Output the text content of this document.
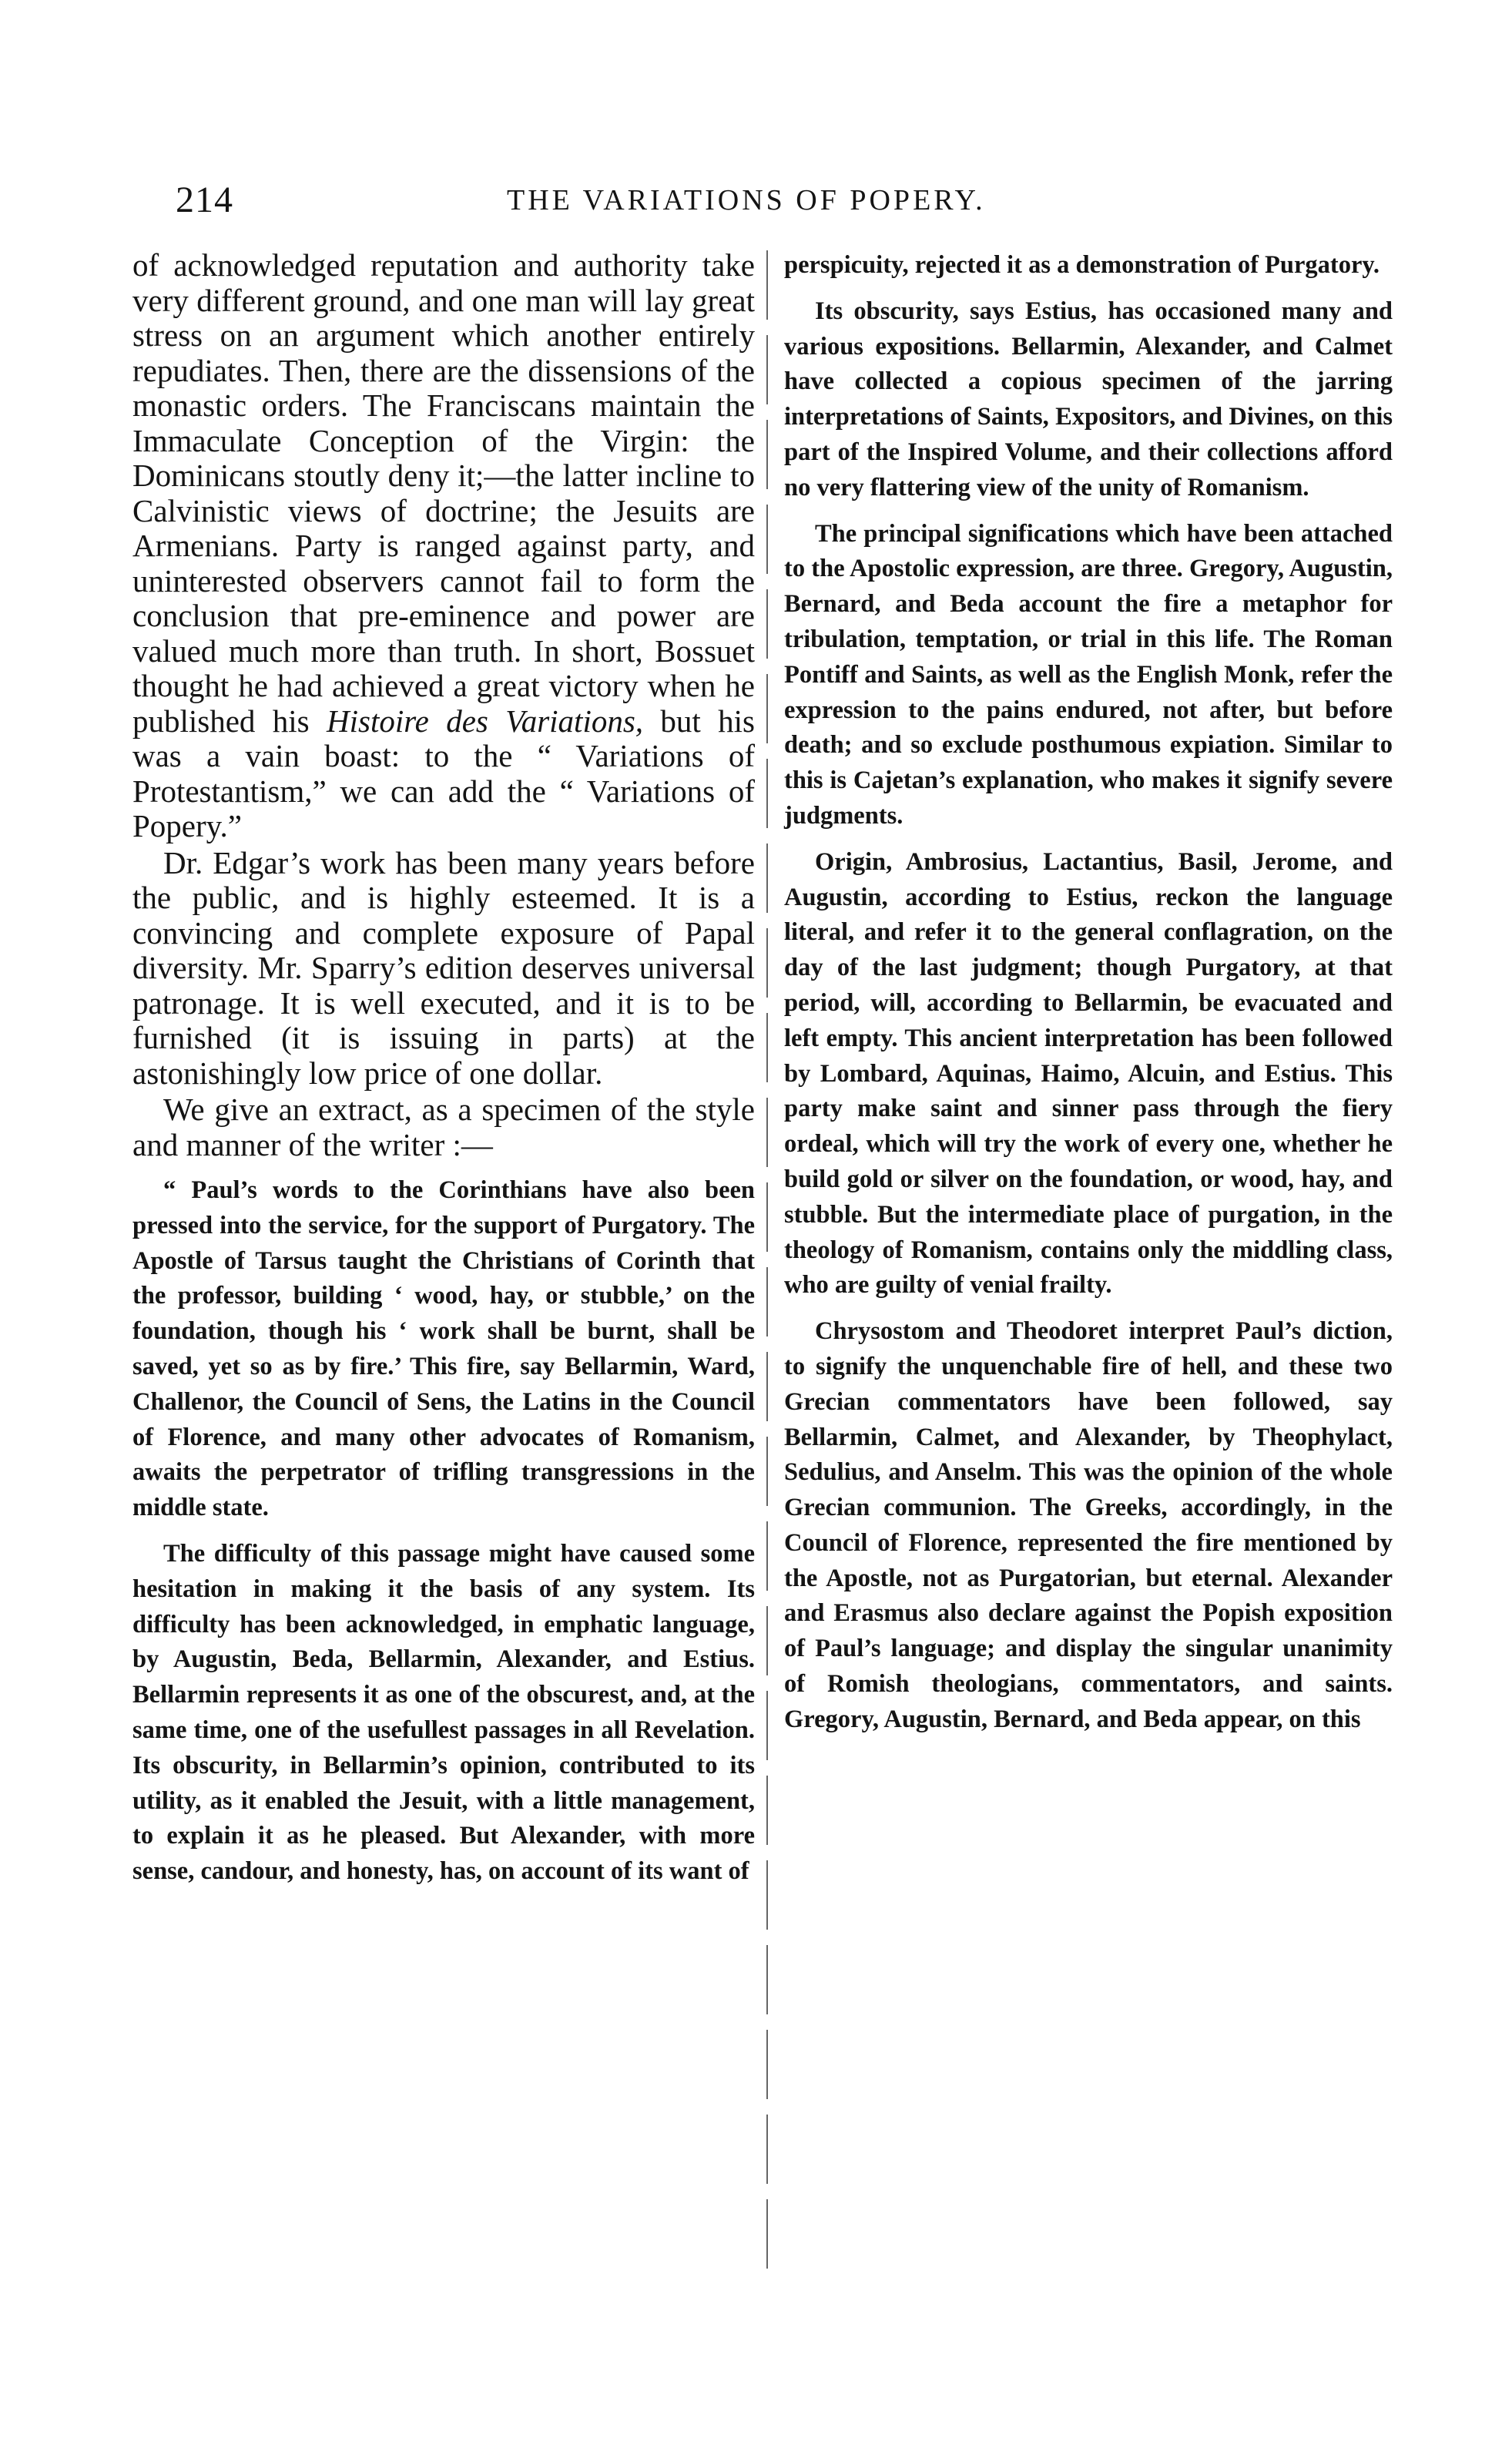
214	THE VARIATIONS OF POPERY.

of acknowledged reputation and authority take very different ground, and one man will lay great stress on an argument which another entirely repudiates. Then, there are the dissensions of the monastic orders. The Franciscans maintain the Immaculate Conception of the Virgin: the Dominicans stoutly deny it;—the latter incline to Calvinistic views of doctrine; the Jesuits are Armenians. Party is ranged against party, and uninterested observers cannot fail to form the conclusion that pre-eminence and power are valued much more than truth. In short, Bossuet thought he had achieved a great victory when he published his Histoire des Variations, but his was a vain boast: to the “ Variations of Protestantism,” we can add the “ Variations of Popery.”

Dr. Edgar’s work has been many years before the public, and is highly esteemed. It is a convincing and complete exposure of Papal diversity. Mr. Sparry’s edition deserves universal patronage. It is well executed, and it is to be furnished (it is issuing in parts) at the astonishingly low price of one dollar.

We give an extract, as a specimen of the style and manner of the writer :—

“ Paul’s words to the Corinthians have also been pressed into the service, for the support of Purgatory. The Apostle of Tarsus taught the Christians of Corinth that the professor, building ‘ wood, hay, or stubble,’ on the foundation, though his ‘ work shall be burnt, shall be saved, yet so as by fire.’ This fire, say Bellarmin, Ward, Challenor, the Council of Sens, the Latins in the Council of Florence, and many other advocates of Romanism, awaits the perpetrator of trifling transgressions in the middle state.

The difficulty of this passage might have caused some hesitation in making it the basis of any system. Its difficulty has been acknowledged, in emphatic language, by Augustin, Beda, Bellarmin, Alexander, and Estius. Bellarmin represents it as one of the obscurest, and, at the same time, one of the usefullest passages in all Revelation. Its obscurity, in Bellarmin’s opinion, contributed to its utility, as it enabled the Jesuit, with a little management, to explain it as he pleased. But Alexander, with more sense, candour, and honesty, has, on account of its want of

perspicuity, rejected it as a demonstration of Purgatory.

Its obscurity, says Estius, has occasioned many and various expositions. Bellarmin, Alexander, and Calmet have collected a copious specimen of the jarring interpretations of Saints, Expositors, and Divines, on this part of the Inspired Volume, and their collections afford no very flattering view of the unity of Romanism.

The principal significations which have been attached to the Apostolic expression, are three. Gregory, Augustin, Bernard, and Beda account the fire a metaphor for tribulation, temptation, or trial in this life. The Roman Pontiff and Saints, as well as the English Monk, refer the expression to the pains endured, not after, but before death; and so exclude posthumous expiation. Similar to this is Cajetan’s explanation, who makes it signify severe judgments.

Origin, Ambrosius, Lactantius, Basil, Jerome, and Augustin, according to Estius, reckon the language literal, and refer it to the general conflagration, on the day of the last judgment; though Purgatory, at that period, will, according to Bellarmin, be evacuated and left empty. This ancient interpretation has been followed by Lombard, Aquinas, Haimo, Alcuin, and Estius. This party make saint and sinner pass through the fiery ordeal, which will try the work of every one, whether he build gold or silver on the foundation, or wood, hay, and stubble. But the intermediate place of purgation, in the theology of Romanism, contains only the middling class, who are guilty of venial frailty.

Chrysostom and Theodoret interpret Paul’s diction, to signify the unquenchable fire of hell, and these two Grecian commentators have been followed, say Bellarmin, Calmet, and Alexander, by Theophylact, Sedulius, and Anselm. This was the opinion of the whole Grecian communion. The Greeks, accordingly, in the Council of Florence, represented the fire mentioned by the Apostle, not as Purgatorian, but eternal. Alexander and Erasmus also declare against the Popish exposition of Paul’s language; and display the singular unanimity of Romish theologians, commentators, and saints. Gregory, Augustin, Bernard, and Beda appear, on this
